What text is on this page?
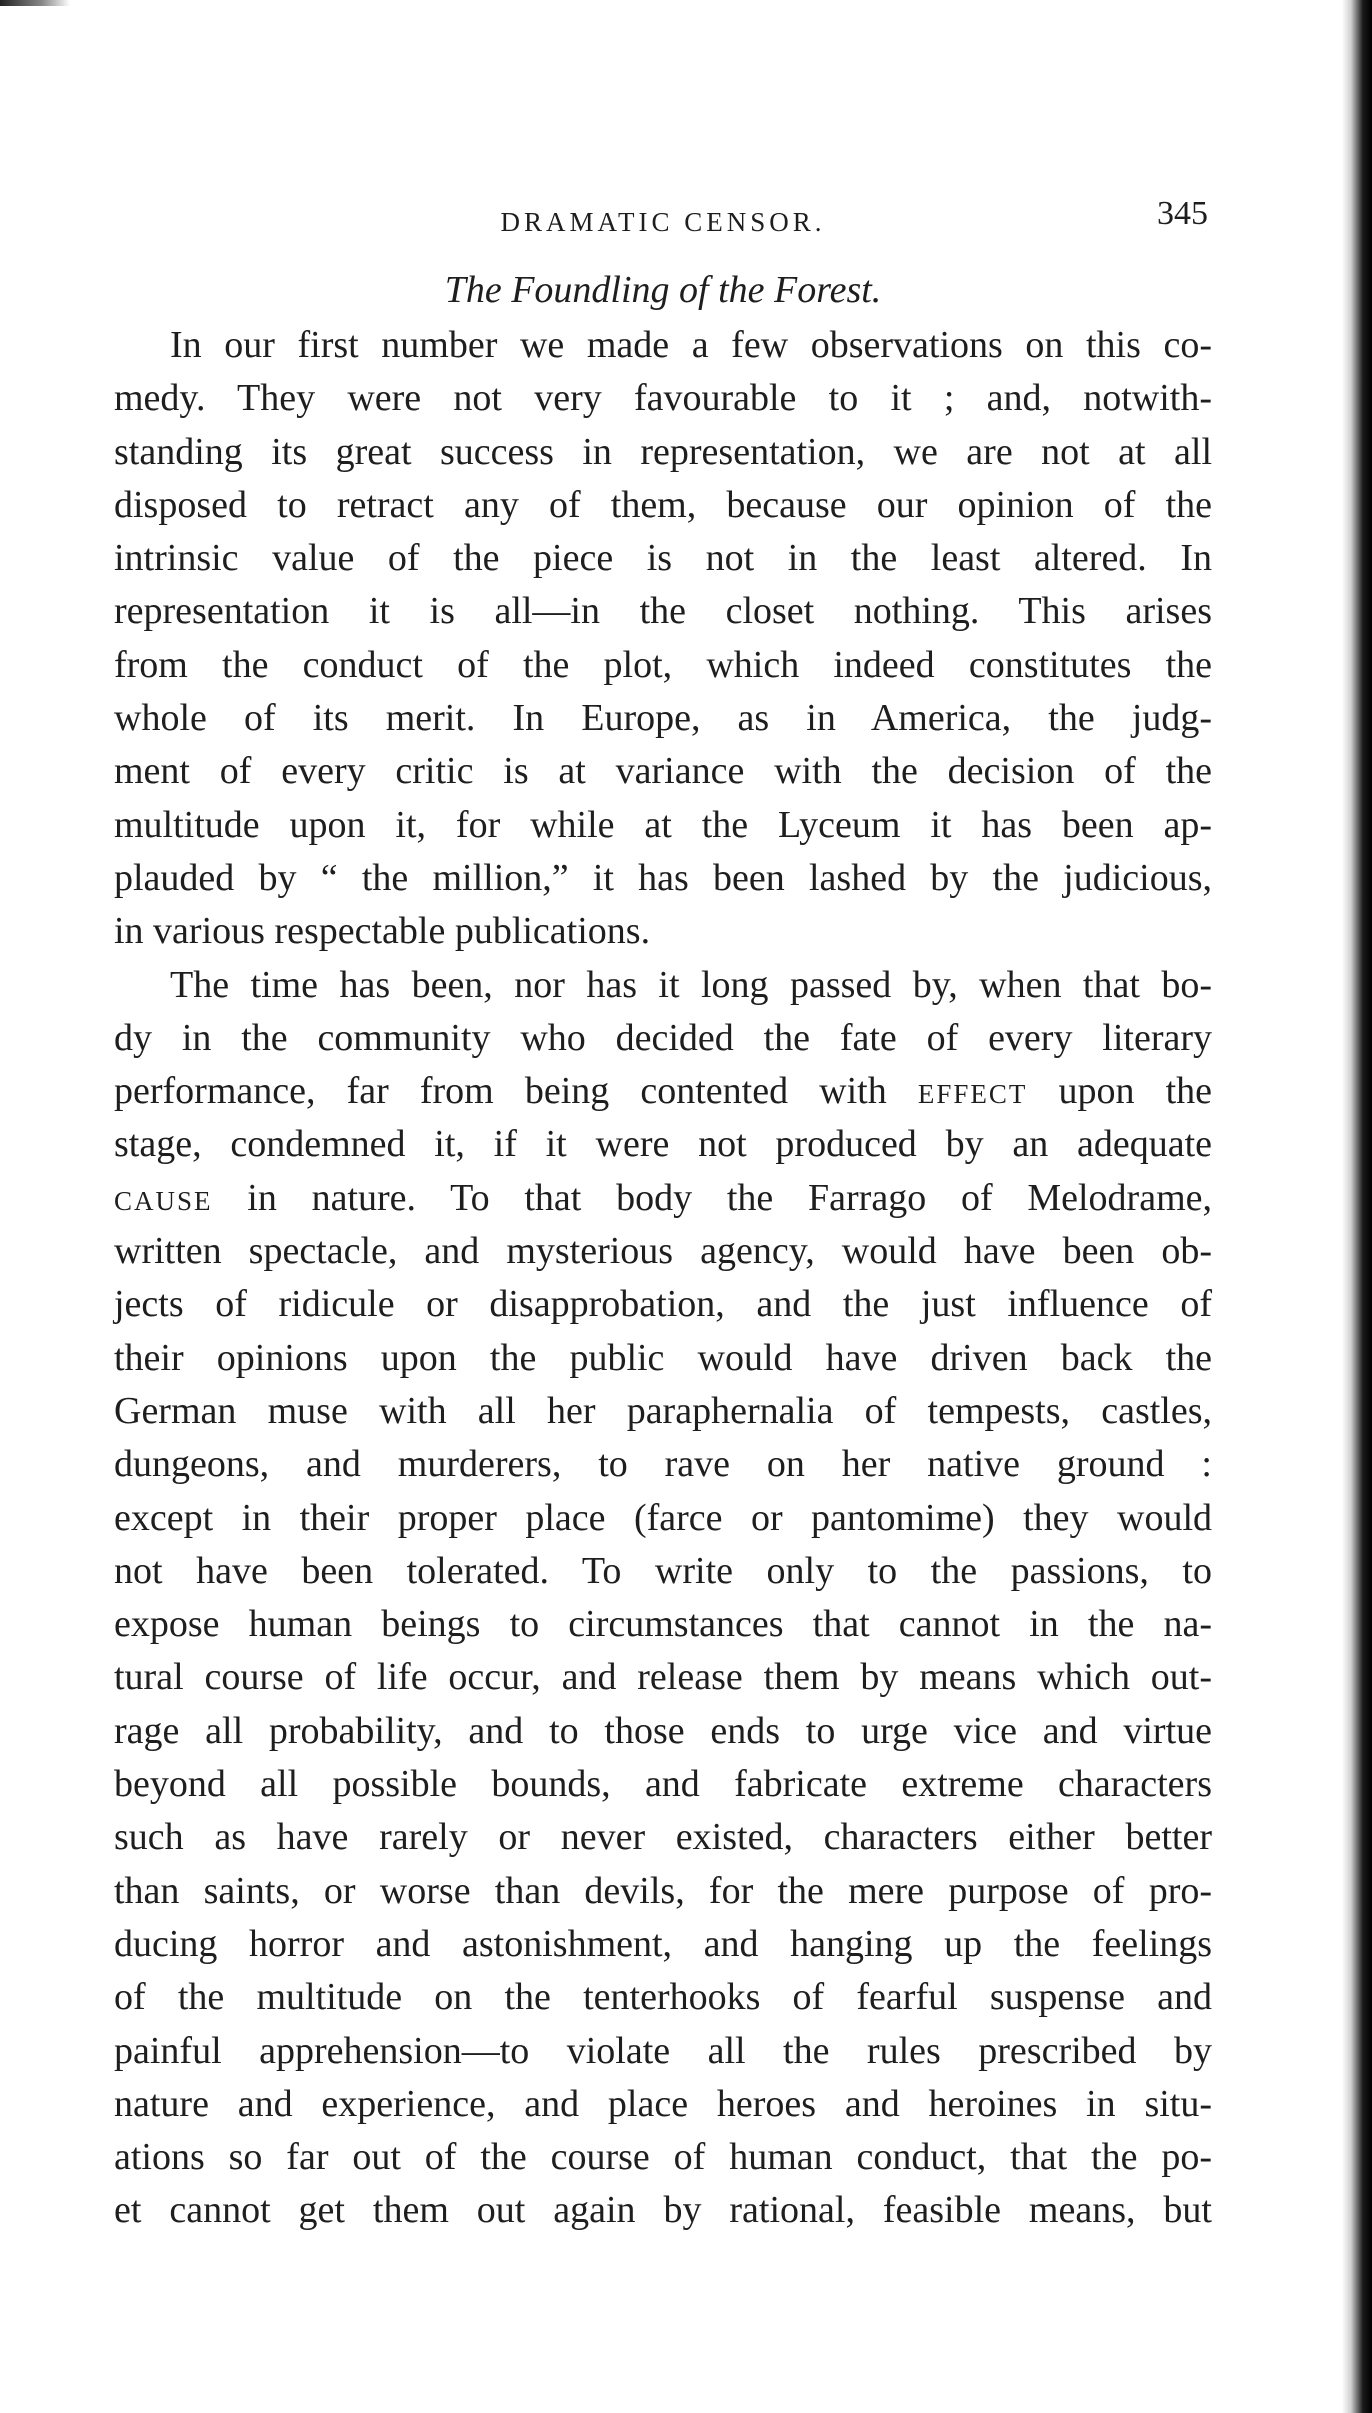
DRAMATIC CENSOR.	345
The Foundling of the Forest.
In our first number we made a few observations on this co-
medy. They were not very favourable to it ; and, notwith-
standing its great success in representation, we are not at all
disposed to retract any of them, because our opinion of the
intrinsic value of the piece is not in the least altered. In
representation it is all—in the closet nothing. This arises
from the conduct of the plot, which indeed constitutes the
whole of its merit. In Europe, as in America, the judg-
ment of every critic is at variance with the decision of the
multitude upon it, for while at the Lyceum it has been ap-
plauded by “ the million,” it has been lashed by the judicious,
in various respectable publications.
The time has been, nor has it long passed by, when that bo-
dy in the community who decided the fate of every literary
performance, far from being contented with effect upon the
stage, condemned it, if it were not produced by an adequate
cause in nature. To that body the Farrago of Melodrame,
written spectacle, and mysterious agency, would have been ob-
jects of ridicule or disapprobation, and the just influence of
their opinions upon the public would have driven back the
German muse with all her paraphernalia of tempests, castles,
dungeons, and murderers, to rave on her native ground :
except in their proper place (farce or pantomime) they would
not have been tolerated. To write only to the passions, to
expose human beings to circumstances that cannot in the na-
tural course of life occur, and release them by means which out-
rage all probability, and to those ends to urge vice and virtue
beyond all possible bounds, and fabricate extreme characters
such as have rarely or never existed, characters either better
than saints, or worse than devils, for the mere purpose of pro-
ducing horror and astonishment, and hanging up the feelings
of the multitude on the tenterhooks of fearful suspense and
painful apprehension—to violate all the rules prescribed by
nature and experience, and place heroes and heroines in situ-
ations so far out of the course of human conduct, that the po-
et cannot get them out again by rational, feasible means, but
